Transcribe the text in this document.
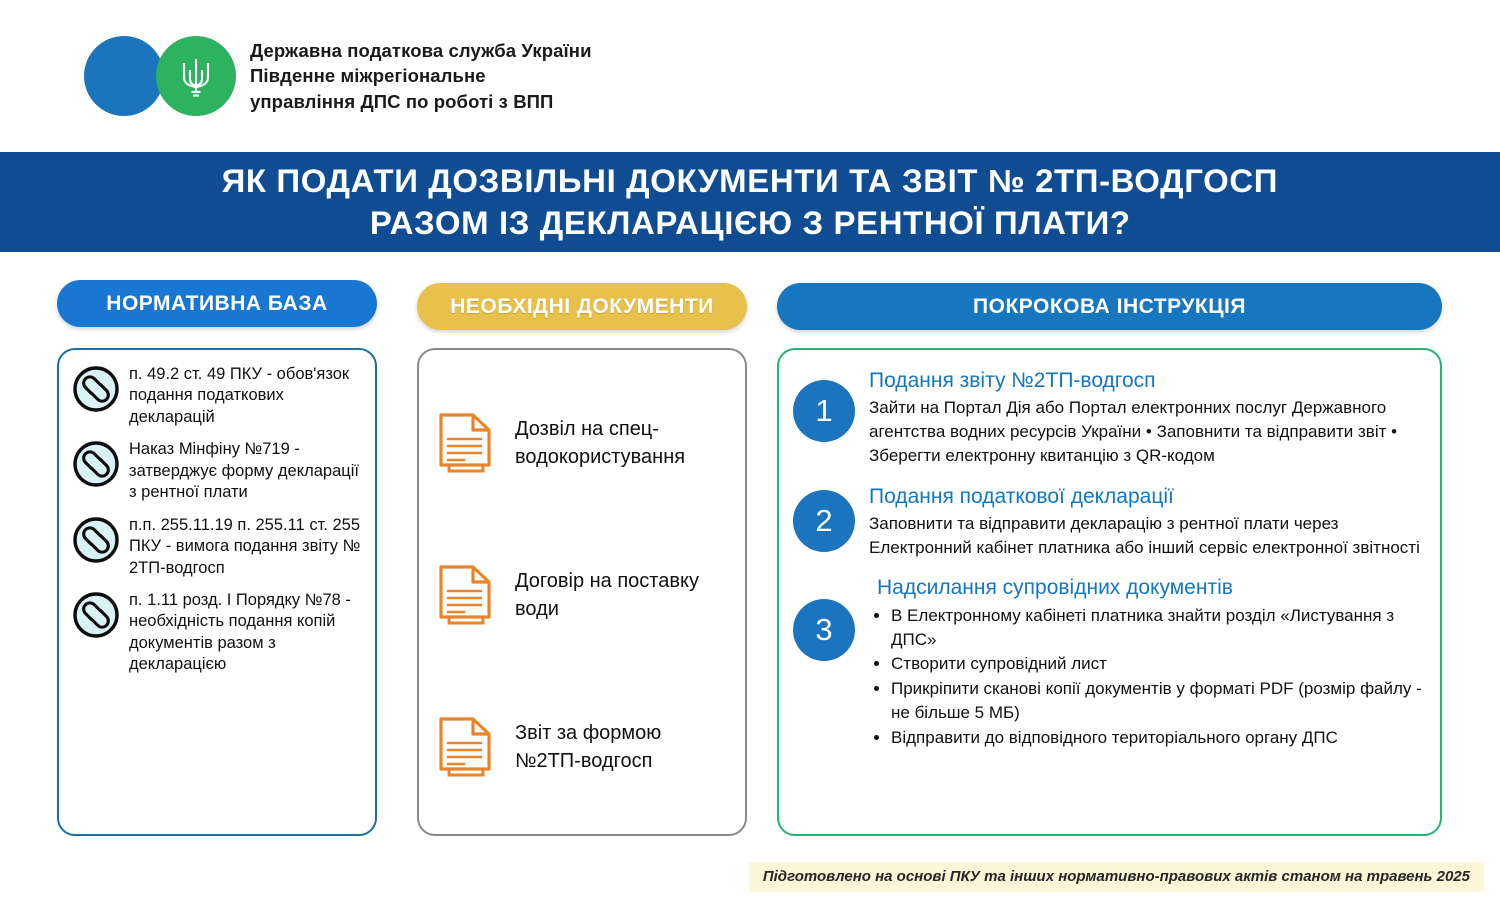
Державна податкова служба України
Південне міжрегіональне
управління ДПС по роботі з ВПП
ЯК ПОДАТИ ДОЗВІЛЬНІ ДОКУМЕНТИ ТА ЗВІТ № 2ТП-ВОДГОСП
РАЗОМ ІЗ ДЕКЛАРАЦІЄЮ З РЕНТНОЇ ПЛАТИ?
НОРМАТИВНА БАЗА	НЕОБХІДНІ ДОКУМЕНТИ	ПОКРОКОВА ІНСТРУКЦІЯ
п. 49.2 ст. 49 ПКУ - обов'язок подання податкових декларацій
Наказ Мінфіну №719 - затверджує форму декларації з рентної плати
п.п. 255.11.19 п. 255.11 ст. 255 ПКУ - вимога подання звіту № 2ТП-водгосп
п. 1.11 розд. І Порядку №78 - необхідність подання копій документів разом з декларацією
Дозвіл на спец-водокористування
Договір на поставку води
Звіт за формою №2ТП-водгосп
1
Подання звіту №2ТП-водгосп
Зайти на Портал Дія або Портал електронних послуг Державного агентства водних ресурсів України • Заповнити та відправити звіт • Зберегти електронну квитанцію з QR-кодом
2
Подання податкової декларації
Заповнити та відправити декларацію з рентної плати через Електронний кабінет платника або інший сервіс електронної звітності
3
Надсилання супровідних документів
• В Електронному кабінеті платника знайти розділ «Листування з ДПС»
• Створити супровідний лист
• Прикріпити сканові копії документів у форматі PDF (розмір файлу - не більше 5 МБ)
• Відправити до відповідного територіального органу ДПС
Підготовлено на основі ПКУ та інших нормативно-правових актів станом на травень 2025
